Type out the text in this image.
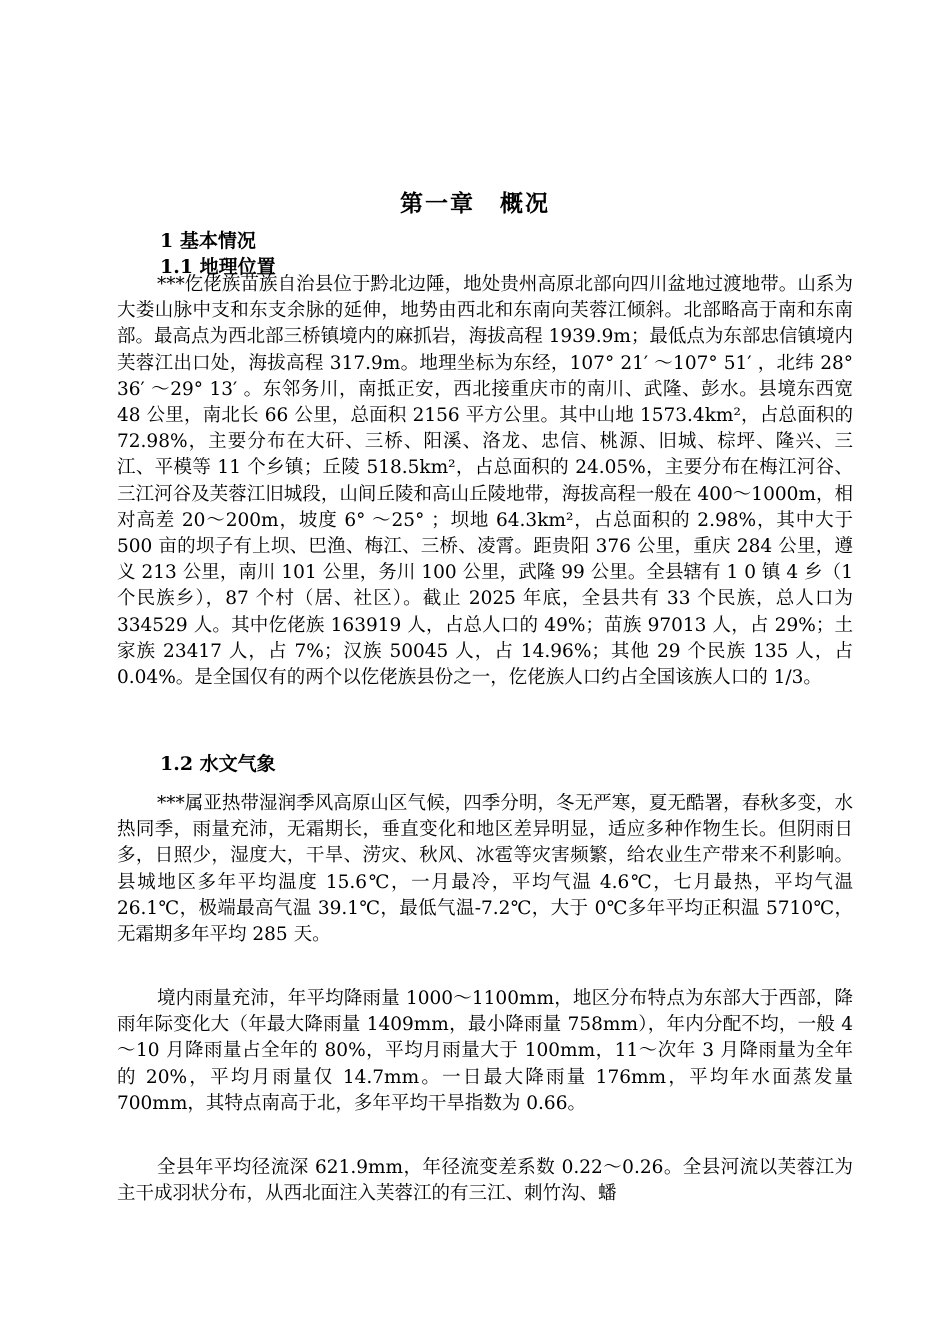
第一章　概况
1 基本情况
1.1 地理位置

***仡佬族苗族自治县位于黔北边陲，地处贵州高原北部向四川盆地过渡地带。山系为大娄山脉中支和东支余脉的延伸，地势由西北和东南向芙蓉江倾斜。北部略高于南和东南部。最高点为西北部三桥镇境内的麻抓岩，海拔高程 1939.9m；最低点为东部忠信镇境内芙蓉江出口处，海拔高程 317.9m。地理坐标为东经，107° 21′ ～107° 51′ ，北纬 28° 36′ ～29° 13′ 。东邻务川，南抵正安，西北接重庆市的南川、武隆、彭水。县境东西宽 48 公里，南北长 66 公里，总面积 2156 平方公里。其中山地 1573.4km²，占总面积的 72.98%，主要分布在大矸、三桥、阳溪、洛龙、忠信、桃源、旧城、棕坪、隆兴、三江、平模等 11 个乡镇；丘陵 518.5km²，占总面积的 24.05%，主要分布在梅江河谷、三江河谷及芙蓉江旧城段，山间丘陵和高山丘陵地带，海拔高程一般在 400～1000m，相对高差 20～200m，坡度 6° ～25° ；坝地 64.3km²，占总面积的 2.98%，其中大于 500 亩的坝子有上坝、巴渔、梅江、三桥、凌霄。距贵阳 376 公里，重庆 284 公里，遵义 213 公里，南川 101 公里，务川 100 公里，武隆 99 公里。全县辖有 1 0 镇 4 乡（1 个民族乡），87 个村（居、社区）。截止 2025 年底，全县共有 33 个民族，总人口为 334529 人。其中仡佬族 163919 人，占总人口的 49%；苗族 97013 人，占 29%；土家族 23417 人，占 7%；汉族 50045 人，占 14.96%；其他 29 个民族 135 人，占 0.04%。是全国仅有的两个以仡佬族县份之一，仡佬族人口约占全国该族人口的 1/3。

1.2 水文气象

***属亚热带湿润季风高原山区气候，四季分明，冬无严寒，夏无酷署，春秋多变，水热同季，雨量充沛，无霜期长，垂直变化和地区差异明显，适应多种作物生长。但阴雨日多，日照少，湿度大，干旱、涝灾、秋风、冰雹等灾害频繁，给农业生产带来不利影响。县城地区多年平均温度 15.6℃，一月最冷，平均气温 4.6℃，七月最热，平均气温 26.1℃，极端最高气温 39.1℃，最低气温-7.2℃，大于 0℃多年平均正积温 5710℃，无霜期多年平均 285 天。

境内雨量充沛，年平均降雨量 1000～1100mm，地区分布特点为东部大于西部，降雨年际变化大（年最大降雨量 1409mm，最小降雨量 758mm），年内分配不均，一般 4～10 月降雨量占全年的 80%，平均月雨量大于 100mm，11～次年 3 月降雨量为全年的 20%，平均月雨量仅 14.7mm。一日最大降雨量 176mm，平均年水面蒸发量 700mm，其特点南高于北，多年平均干旱指数为 0.66。

全县年平均径流深 621.9mm，年径流变差系数 0.22～0.26。全县河流以芙蓉江为主干成羽状分布，从西北面注入芙蓉江的有三江、刺竹沟、蟠
